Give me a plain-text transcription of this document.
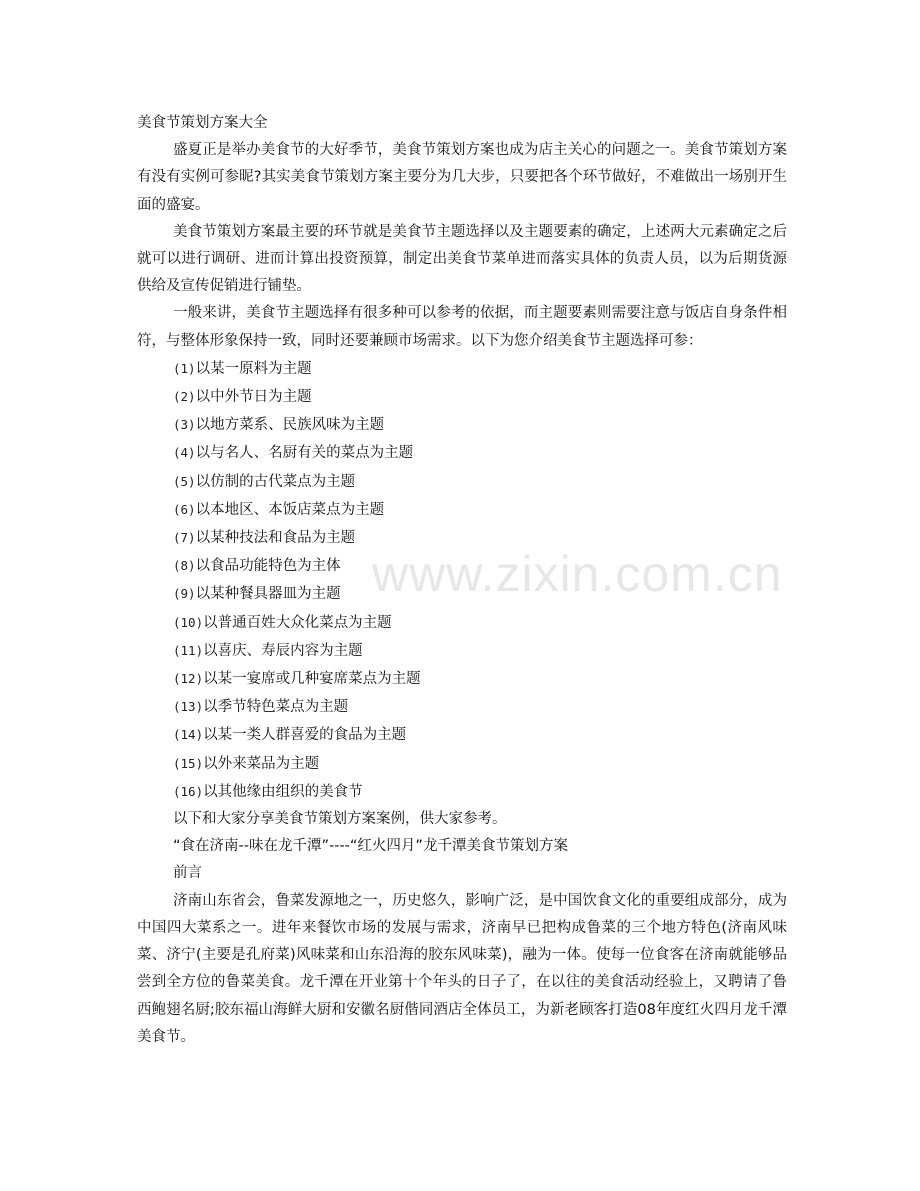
www.zixin.com.cn

美食节策划方案大全

盛夏正是举办美食节的大好季节，美食节策划方案也成为店主关心的问题之一。美食节策划方案有没有实例可参昵?其实美食节策划方案主要分为几大步，只要把各个环节做好，不难做出一场别开生面的盛宴。

美食节策划方案最主要的环节就是美食节主题选择以及主题要素的确定，上述两大元素确定之后就可以进行调研、进而计算出投资预算，制定出美食节菜单进而落实具体的负责人员，以为后期货源供给及宣传促销进行铺垫。

一般来讲，美食节主题选择有很多种可以参考的依据，而主题要素则需要注意与饭店自身条件相符，与整体形象保持一致，同时还要兼顾市场需求。以下为您介绍美食节主题选择可参：

(1)以某一原料为主题

(2)以中外节日为主题

(3)以地方菜系、民族风味为主题

(4)以与名人、名厨有关的菜点为主题

(5)以仿制的古代菜点为主题

(6)以本地区、本饭店菜点为主题

(7)以某种技法和食品为主题

(8)以食品功能特色为主体

(9)以某种餐具器皿为主题

(10)以普通百姓大众化菜点为主题

(11)以喜庆、寿辰内容为主题

(12)以某一宴席或几种宴席菜点为主题

(13)以季节特色菜点为主题

(14)以某一类人群喜爱的食品为主题

(15)以外来菜品为主题

(16)以其他缘由组织的美食节

以下和大家分享美食节策划方案案例，供大家参考。

“食在济南--味在龙千潭”----“红火四月”龙千潭美食节策划方案

前言

济南山东省会，鲁菜发源地之一，历史悠久，影响广泛，是中国饮食文化的重要组成部分，成为中国四大菜系之一。进年来餐饮市场的发展与需求，济南早已把构成鲁菜的三个地方特色(济南风味菜、济宁(主要是孔府菜)风味菜和山东沿海的胶东风味菜)，融为一体。使每一位食客在济南就能够品尝到全方位的鲁菜美食。龙千潭在开业第十个年头的日子了，在以往的美食活动经验上，又聘请了鲁西鲍翅名厨;胶东福山海鲜大厨和安徽名厨偕同酒店全体员工，为新老顾客打造08年度红火四月龙千潭美食节。
